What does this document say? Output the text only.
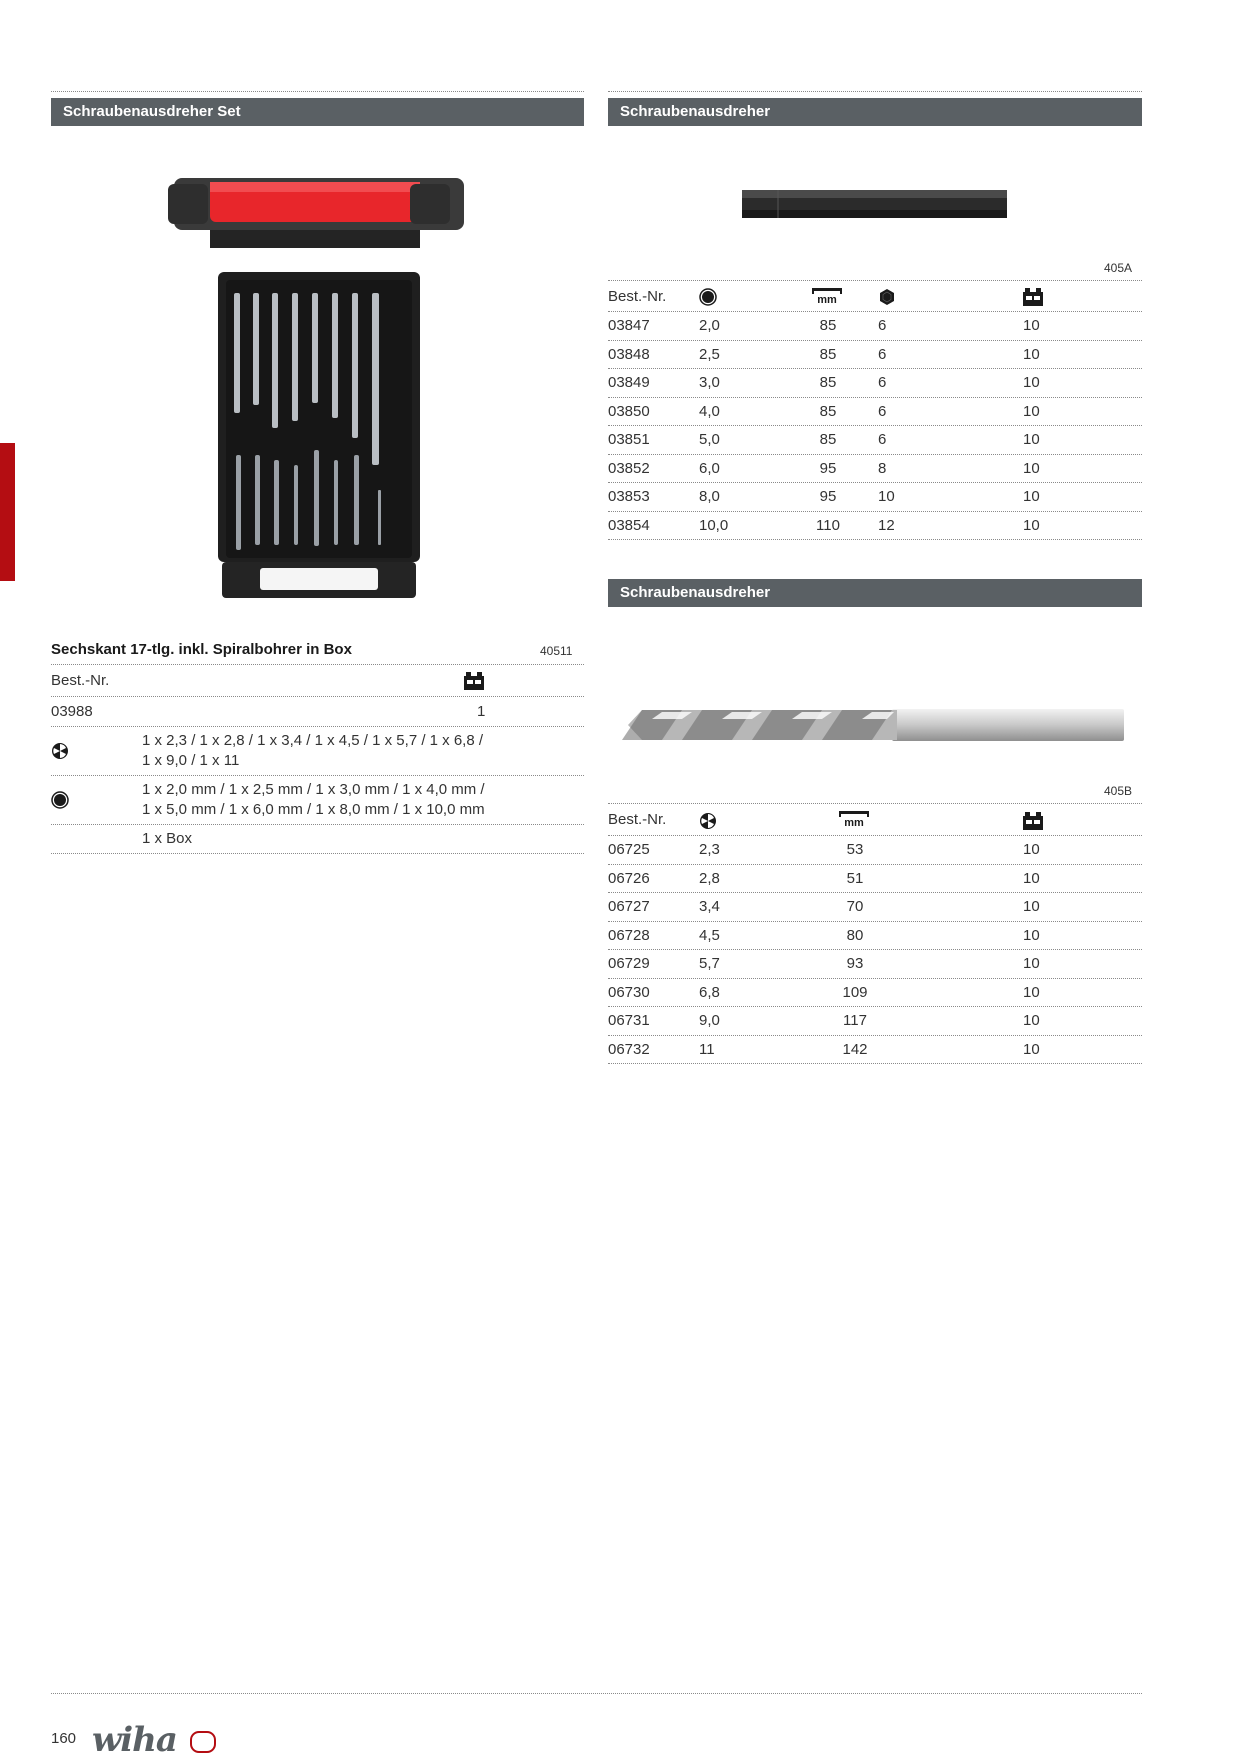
Schraubenausdreher Set
Sechskant 17-tlg. inkl. Spiralbohrer in Box	40511
Best.-Nr.
03988	1
1 x 2,3 / 1 x 2,8 / 1 x 3,4 / 1 x 4,5 / 1 x 5,7 / 1 x 6,8 /
1 x 9,0 / 1 x 11
1 x 2,0 mm / 1 x 2,5 mm / 1 x 3,0 mm / 1 x 4,0 mm /
1 x 5,0 mm / 1 x 6,0 mm / 1 x 8,0 mm / 1 x 10,0 mm
1 x Box
Schraubenausdreher
405A
Best.-Nr.
03847	2,0	85	6	10
03848	2,5	85	6	10
03849	3,0	85	6	10
03850	4,0	85	6	10
03851	5,0	85	6	10
03852	6,0	95	8	10
03853	8,0	95	10	10
03854	10,0	110	12	10
Schraubenausdreher
405B
Best.-Nr.
06725	2,3	53	10
06726	2,8	51	10
06727	3,4	70	10
06728	4,5	80	10
06729	5,7	93	10
06730	6,8	109	10
06731	9,0	117	10
06732	11	142	10
160 wiha
